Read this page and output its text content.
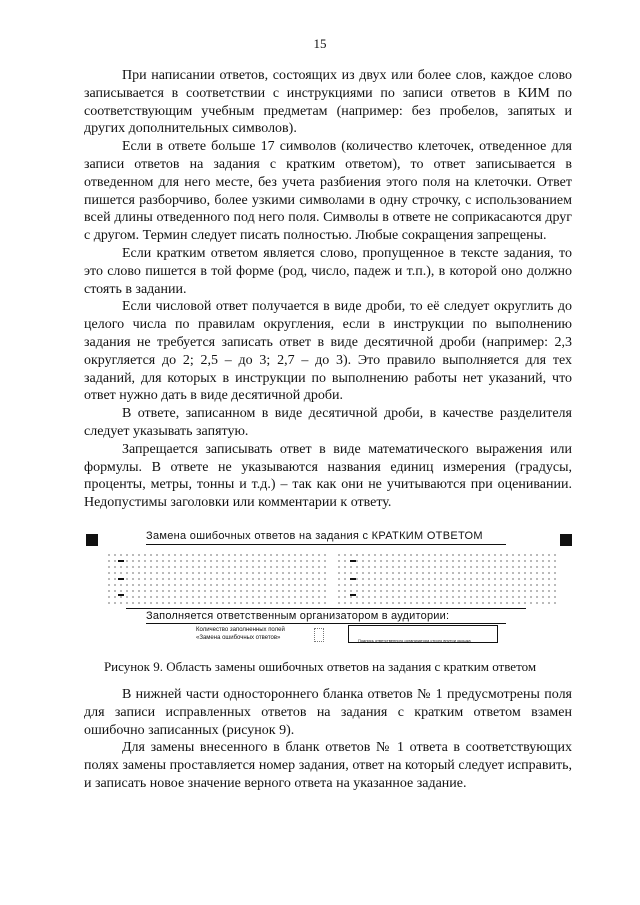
15

При написании ответов, состоящих из двух или более слов, каждое слово записывается в соответствии с инструкциями по записи ответов в КИМ по соответствующим учебным предметам (например: без пробелов, запятых и других дополнительных символов).

Если в ответе больше 17 символов (количество клеточек, отведенное для записи ответов на задания с кратким ответом), то ответ записывается в отведенном для него месте, без учета разбиения этого поля на клеточки. Ответ пишется разборчиво, более узкими символами в одну строчку, с использованием всей длины отведенного под него поля. Символы в ответе не соприкасаются друг с другом. Термин следует писать полностью. Любые сокращения запрещены.

Если кратким ответом является слово, пропущенное в тексте задания, то это слово пишется в той форме (род, число, падеж и т.п.), в которой оно должно стоять в задании.

Если числовой ответ получается в виде дроби, то её следует округлить до целого числа по правилам округления, если в инструкции по выполнению задания не требуется записать ответ в виде десятичной дроби (например: 2,3 округляется до 2; 2,5 – до 3; 2,7 – до 3). Это правило выполняется для тех заданий, для которых в инструкции по выполнению работы нет указаний, что ответ нужно дать в виде десятичной дроби.

В ответе, записанном в виде десятичной дроби, в качестве разделителя следует указывать запятую.

Запрещается записывать ответ в виде математического выражения или формулы. В ответе не указываются названия единиц измерения (градусы, проценты, метры, тонны и т.д.) – так как они не учитываются при оценивании. Недопустимы заголовки или комментарии к ответу.

Замена ошибочных ответов на задания с КРАТКИМ ОТВЕТОМ
Заполняется ответственным организатором в аудитории:
Количество заполненных полей
«Замена ошибочных ответов»	Подпись ответственного организатора строго внутри окошка
Рисунок 9. Область замены ошибочных ответов на задания с кратким ответом

В нижней части одностороннего бланка ответов № 1 предусмотрены поля для записи исправленных ответов на задания с кратким ответом взамен ошибочно записанных (рисунок 9).

Для замены внесенного в бланк ответов № 1 ответа в соответствующих полях замены проставляется номер задания, ответ на который следует исправить, и записать новое значение верного ответа на указанное задание.
